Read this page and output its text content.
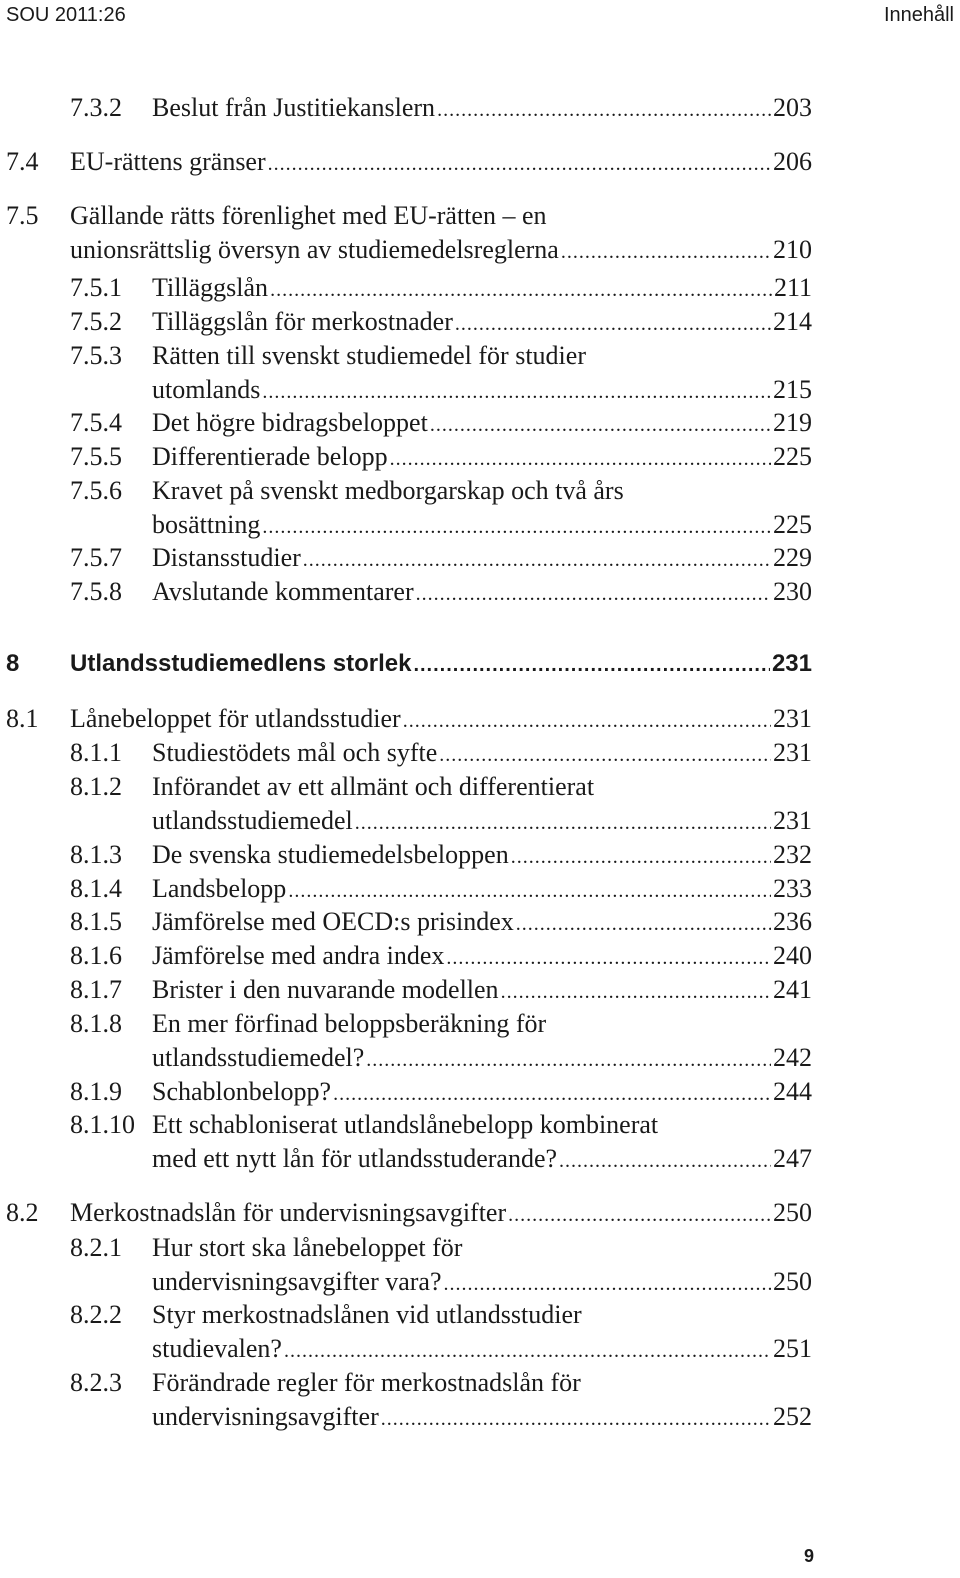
SOU 2011:26	Innehåll
7.3.2 Beslut från Justitiekanslern .....	203
7.4 EU-rättens gränser .....	206
7.5 Gällande rätts förenlighet med EU-rätten – en
unionsrättslig översyn av studiemedelsreglerna .....	210
7.5.1 Tilläggslån .....	211
7.5.2 Tilläggslån för merkostnader .....	214
7.5.3 Rätten till svenskt studiemedel för studier
utomlands .....	215
7.5.4 Det högre bidragsbeloppet .....	219
7.5.5 Differentierade belopp .....	225
7.5.6 Kravet på svenskt medborgarskap och två års
bosättning .....	225
7.5.7 Distansstudier .....	229
7.5.8 Avslutande kommentarer .....	230
8 Utlandsstudiemedlens storlek .....	231
8.1 Lånebeloppet för utlandsstudier .....	231
8.1.1 Studiestödets mål och syfte .....	231
8.1.2 Införandet av ett allmänt och differentierat
utlandsstudiemedel .....	231
8.1.3 De svenska studiemedelsbeloppen .....	232
8.1.4 Landsbelopp .....	233
8.1.5 Jämförelse med OECD:s prisindex .....	236
8.1.6 Jämförelse med andra index .....	240
8.1.7 Brister i den nuvarande modellen .....	241
8.1.8 En mer förfinad beloppsberäkning för
utlandsstudiemedel? .....	242
8.1.9 Schablonbelopp? .....	244
8.1.10 Ett schabloniserat utlandslånebelopp kombinerat
med ett nytt lån för utlandsstuderande? .....	247
8.2 Merkostnadslån för undervisningsavgifter .....	250
8.2.1 Hur stort ska lånebeloppet för
undervisningsavgifter vara? .....	250
8.2.2 Styr merkostnadslånen vid utlandsstudier
studievalen? .....	251
8.2.3 Förändrade regler för merkostnadslån för
undervisningsavgifter .....	252
9
